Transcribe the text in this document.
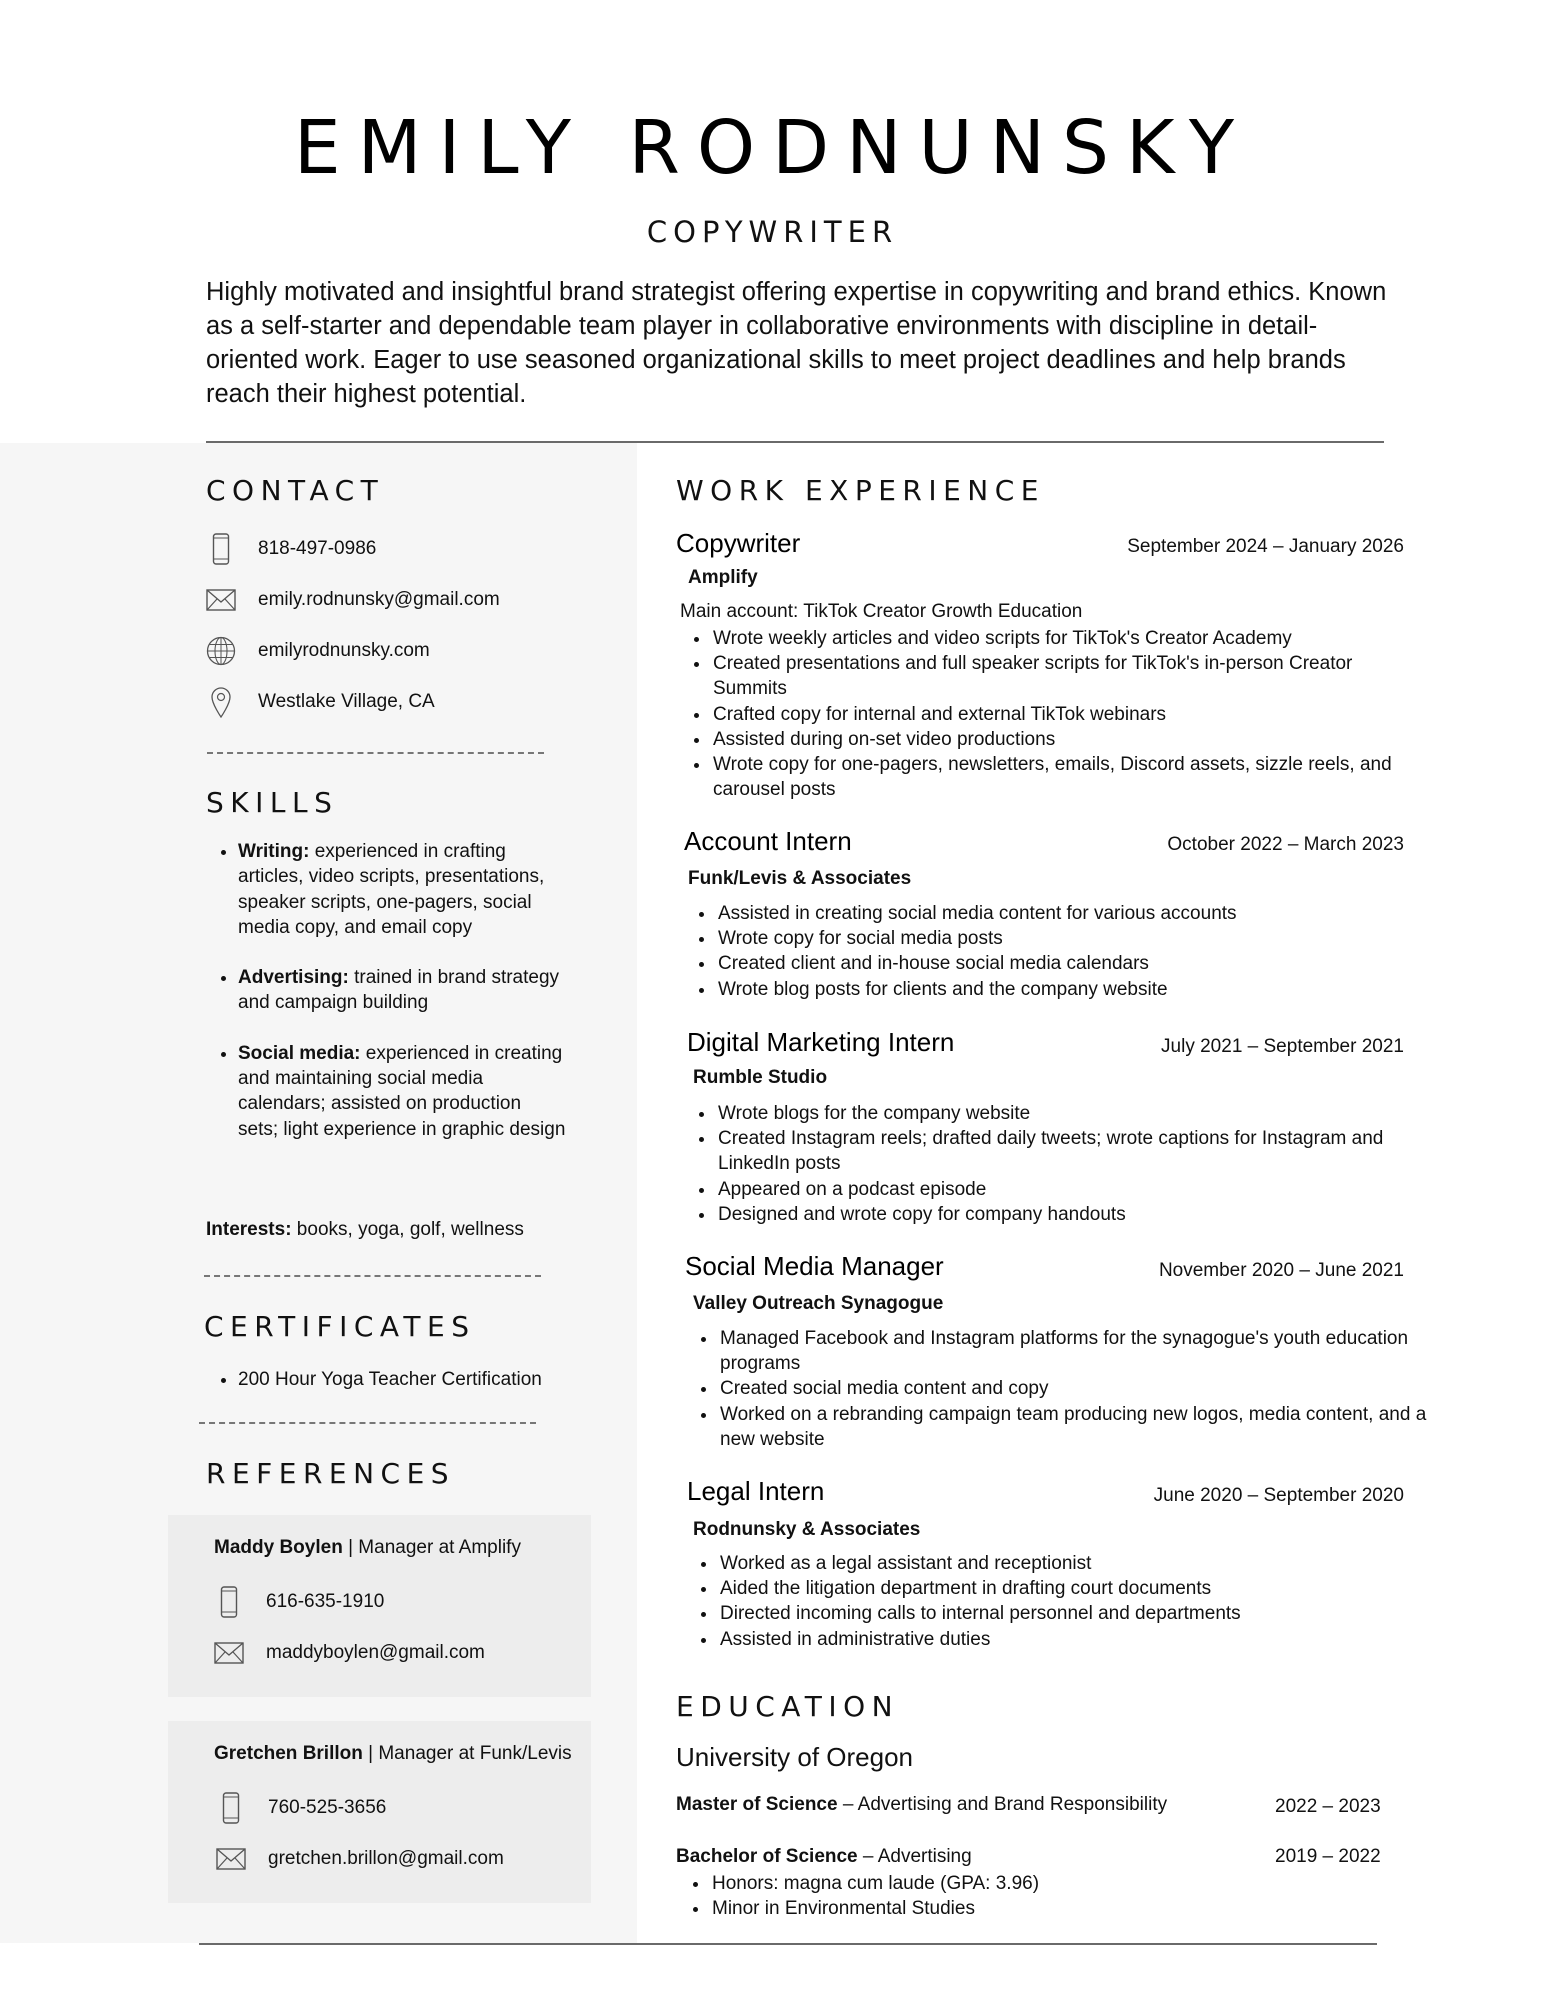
EMILY RODNUNSKY
COPYWRITER
Highly motivated and insightful brand strategist offering expertise in copywriting and brand ethics. Known as a self-starter and dependable team player in collaborative environments with discipline in detail-oriented work. Eager to use seasoned organizational skills to meet project deadlines and help brands reach their highest potential.
CONTACT
818-497-0986
emily.rodnunsky@gmail.com
emilyrodnunsky.com
Westlake Village, CA
SKILLS
• Writing: experienced in crafting articles, video scripts, presentations, speaker scripts, one-pagers, social media copy, and email copy
• Advertising: trained in brand strategy and campaign building
• Social media: experienced in creating and maintaining social media calendars; assisted on production sets; light experience in graphic design
Interests: books, yoga, golf, wellness
CERTIFICATES
• 200 Hour Yoga Teacher Certification
REFERENCES
Maddy Boylen | Manager at Amplify
616-635-1910
maddyboylen@gmail.com
Gretchen Brillon | Manager at Funk/Levis
760-525-3656
gretchen.brillon@gmail.com
WORK EXPERIENCE
Copywriter	September 2024 – January 2026
Amplify
Main account: TikTok Creator Growth Education
• Wrote weekly articles and video scripts for TikTok's Creator Academy
• Created presentations and full speaker scripts for TikTok's in-person Creator Summits
• Crafted copy for internal and external TikTok webinars
• Assisted during on-set video productions
• Wrote copy for one-pagers, newsletters, emails, Discord assets, sizzle reels, and carousel posts
Account Intern	October 2022 – March 2023
Funk/Levis & Associates
• Assisted in creating social media content for various accounts
• Wrote copy for social media posts
• Created client and in-house social media calendars
• Wrote blog posts for clients and the company website
Digital Marketing Intern	July 2021 – September 2021
Rumble Studio
• Wrote blogs for the company website
• Created Instagram reels; drafted daily tweets; wrote captions for Instagram and LinkedIn posts
• Appeared on a podcast episode
• Designed and wrote copy for company handouts
Social Media Manager	November 2020 – June 2021
Valley Outreach Synagogue
• Managed Facebook and Instagram platforms for the synagogue's youth education programs
• Created social media content and copy
• Worked on a rebranding campaign team producing new logos, media content, and a new website
Legal Intern	June 2020 – September 2020
Rodnunsky & Associates
• Worked as a legal assistant and receptionist
• Aided the litigation department in drafting court documents
• Directed incoming calls to internal personnel and departments
• Assisted in administrative duties
EDUCATION
University of Oregon
Master of Science – Advertising and Brand Responsibility	2022 – 2023
Bachelor of Science – Advertising	2019 – 2022
• Honors: magna cum laude (GPA: 3.96)
• Minor in Environmental Studies
